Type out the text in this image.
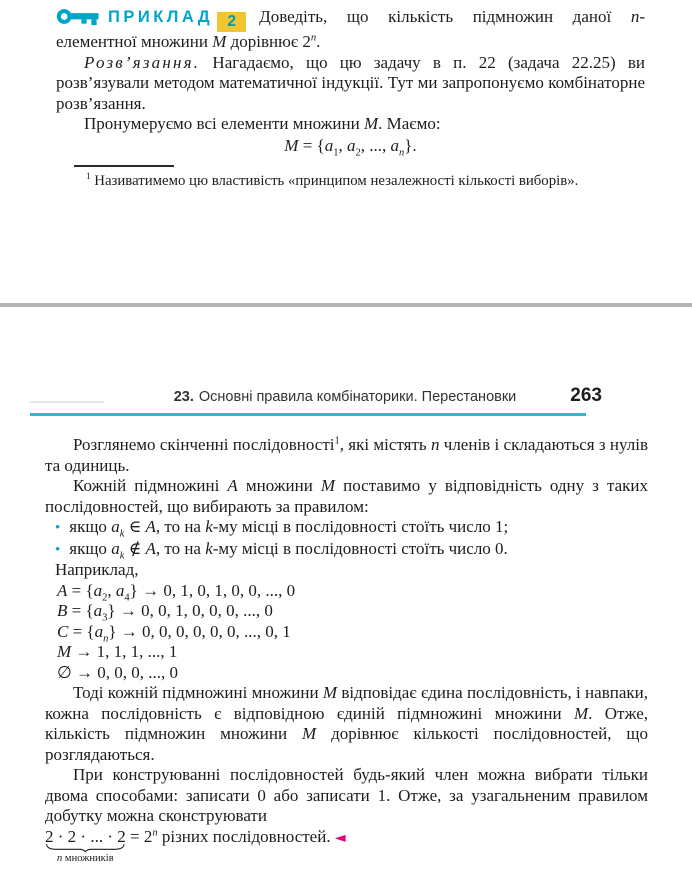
ПРИКЛАД 2 Доведіть, що кількість підмножин даної n-елементної множини M дорівнює 2$^n$.

Розв’язання. Нагадаємо, що цю задачу в п. 22 (задача 22.25) ви розв’язували методом математичної індукції. Тут ми запропонуємо комбінаторне розв’язання.

Пронумеруємо всі елементи множини M. Маємо:

$M = \{a_1$, $a_2$, ..., $a_n$}.

$^1$ Називатимемо цю властивість «принципом незалежності кількості виборів».

23. Основні правила комбінаторики. Перестановки	263

Розглянемо скінченні послідовності$^1$, які містять n членів і складаються з нулів та одиниць.

Кожній підмножині A множини M поставимо у відповідність одну з таких послідовностей, що вибирають за правилом:

• якщо $a_k$ ∈ A, то на k-му місці в послідовності стоїть число 1;
• якщо $a_k$ ∉ A, то на k-му місці в послідовності стоїть число 0.

Наприклад,

$A = \{a_2$, $a_4\} \to 0$, 1, 0, 1, 0, 0, ..., 0
$B = \{a_3\} \to 0$, 0, 1, 0, 0, 0, ..., 0
$C = \{a_n\} \to 0$, 0, 0, 0, 0, 0, ..., 0, 1
M → 1, 1, 1, ..., 1
∅ → 0, 0, 0, ..., 0

Тоді кожній підмножині множини M відповідає єдина послідовність, і навпаки, кожна послідовність є відповідною єдиній підмножині множини M. Отже, кількість підмножин множини M дорівнює кількості послідовностей, що розглядаються.

При конструюванні послідовностей будь-який член можна вибрати тільки двома способами: записати 0 або записати 1. Отже, за узагальненим правилом добутку можна сконструювати

2 · 2 · ... · 2
n множників
= $2^n$ різних послідовностей. ◄
